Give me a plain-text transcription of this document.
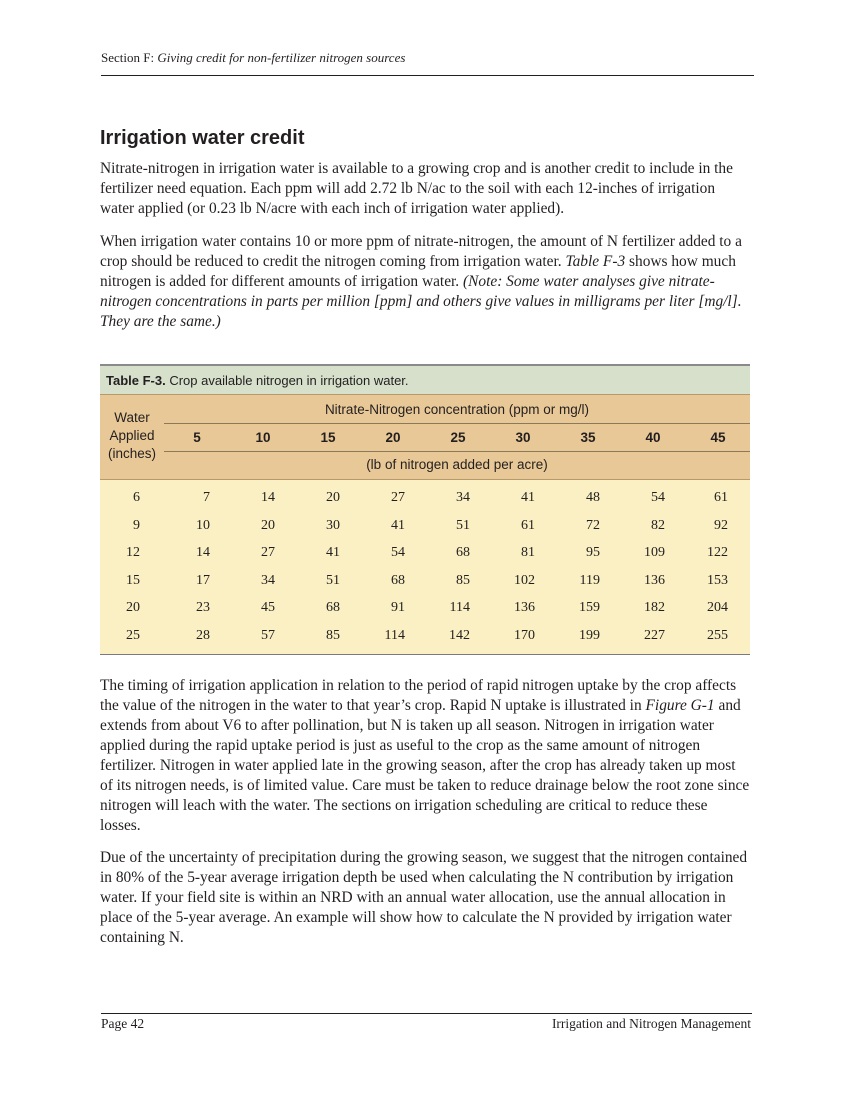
Section F: Giving credit for non-fertilizer nitrogen sources
Irrigation water credit

Nitrate-nitrogen in irrigation water is available to a growing crop and is another credit to include in the fertilizer need equation. Each ppm will add 2.72 lb N/ac to the soil with each 12-inches of irrigation water applied (or 0.23 lb N/acre with each inch of irrigation water applied).

When irrigation water contains 10 or more ppm of nitrate-nitrogen, the amount of N fertilizer added to a crop should be reduced to credit the nitrogen coming from irrigation water. Table F-3 shows how much nitrogen is added for different amounts of irrigation water. (Note: Some water analyses give nitrate-nitrogen concentrations in parts per million [ppm] and others give values in milligrams per liter [mg/l]. They are the same.)

Table F-3. Crop available nitrogen in irrigation water.
Water
Applied
(inches)
Nitrate-Nitrogen concentration (ppm or mg/l)
(lb of nitrogen added per acre)
5	10	15	20	25	30	35	40	45
6	7	14	20	27	34	41	48	54	61
9	10	20	30	41	51	61	72	82	92
12	14	27	41	54	68	81	95	109	122
15	17	34	51	68	85	102	119	136	153
20	23	45	68	91	114	136	159	182	204
25	28	57	85	114	142	170	199	227	255

The timing of irrigation application in relation to the period of rapid nitrogen uptake by the crop affects the value of the nitrogen in the water to that year’s crop. Rapid N uptake is illustrated in Figure G-1 and extends from about V6 to after pollination, but N is taken up all season. Nitrogen in irrigation water applied during the rapid uptake period is just as useful to the crop as the same amount of nitrogen fertilizer. Nitrogen in water applied late in the growing season, after the crop has already taken up most of its nitrogen needs, is of limited value. Care must be taken to reduce drainage below the root zone since nitrogen will leach with the water. The sections on irrigation scheduling are critical to reduce these losses.

Due of the uncertainty of precipitation during the growing season, we suggest that the nitrogen contained in 80% of the 5-year average irrigation depth be used when calculating the N contribution by irrigation water. If your field site is within an NRD with an annual water allocation, use the annual allocation in place of the 5-year average. An example will show how to calculate the N provided by irrigation water containing N.

Page 42	Irrigation and Nitrogen Management
